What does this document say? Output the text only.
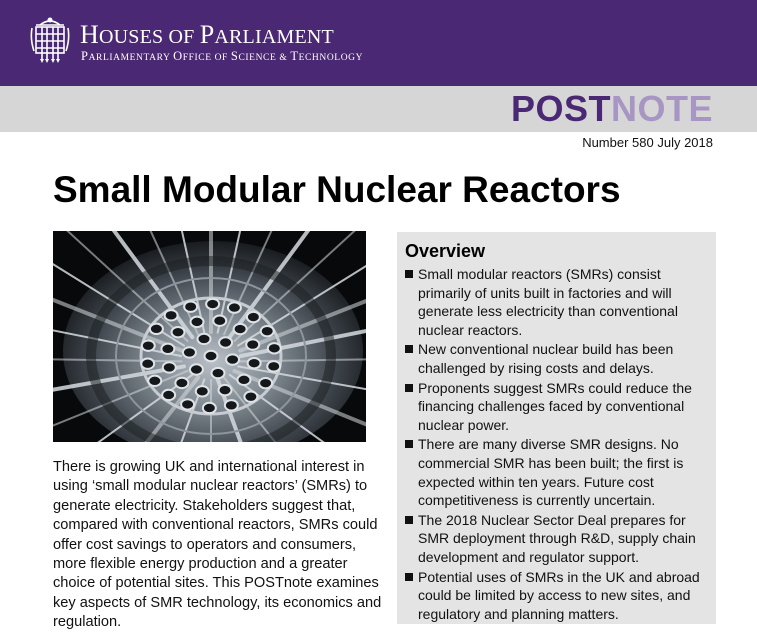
HOUSES OF PARLIAMENT
PARLIAMENTARY OFFICE OF SCIENCE & TECHNOLOGY
POSTNOTE
Number 580 July 2018
Small Modular Nuclear Reactors

There is growing UK and international interest in using ‘small modular nuclear reactors’ (SMRs) to generate electricity. Stakeholders suggest that, compared with conventional reactors, SMRs could offer cost savings to operators and consumers, more flexible energy production and a greater choice of potential sites. This POSTnote examines key aspects of SMR technology, its economics and regulation.

Overview
Small modular reactors (SMRs) consist primarily of units built in factories and will generate less electricity than conventional nuclear reactors.
New conventional nuclear build has been challenged by rising costs and delays.
Proponents suggest SMRs could reduce the financing challenges faced by conventional nuclear power.
There are many diverse SMR designs. No commercial SMR has been built; the first is expected within ten years. Future cost competitiveness is currently uncertain.
The 2018 Nuclear Sector Deal prepares for SMR deployment through R&D, supply chain development and regulator support.
Potential uses of SMRs in the UK and abroad could be limited by access to new sites, and regulatory and planning matters.
